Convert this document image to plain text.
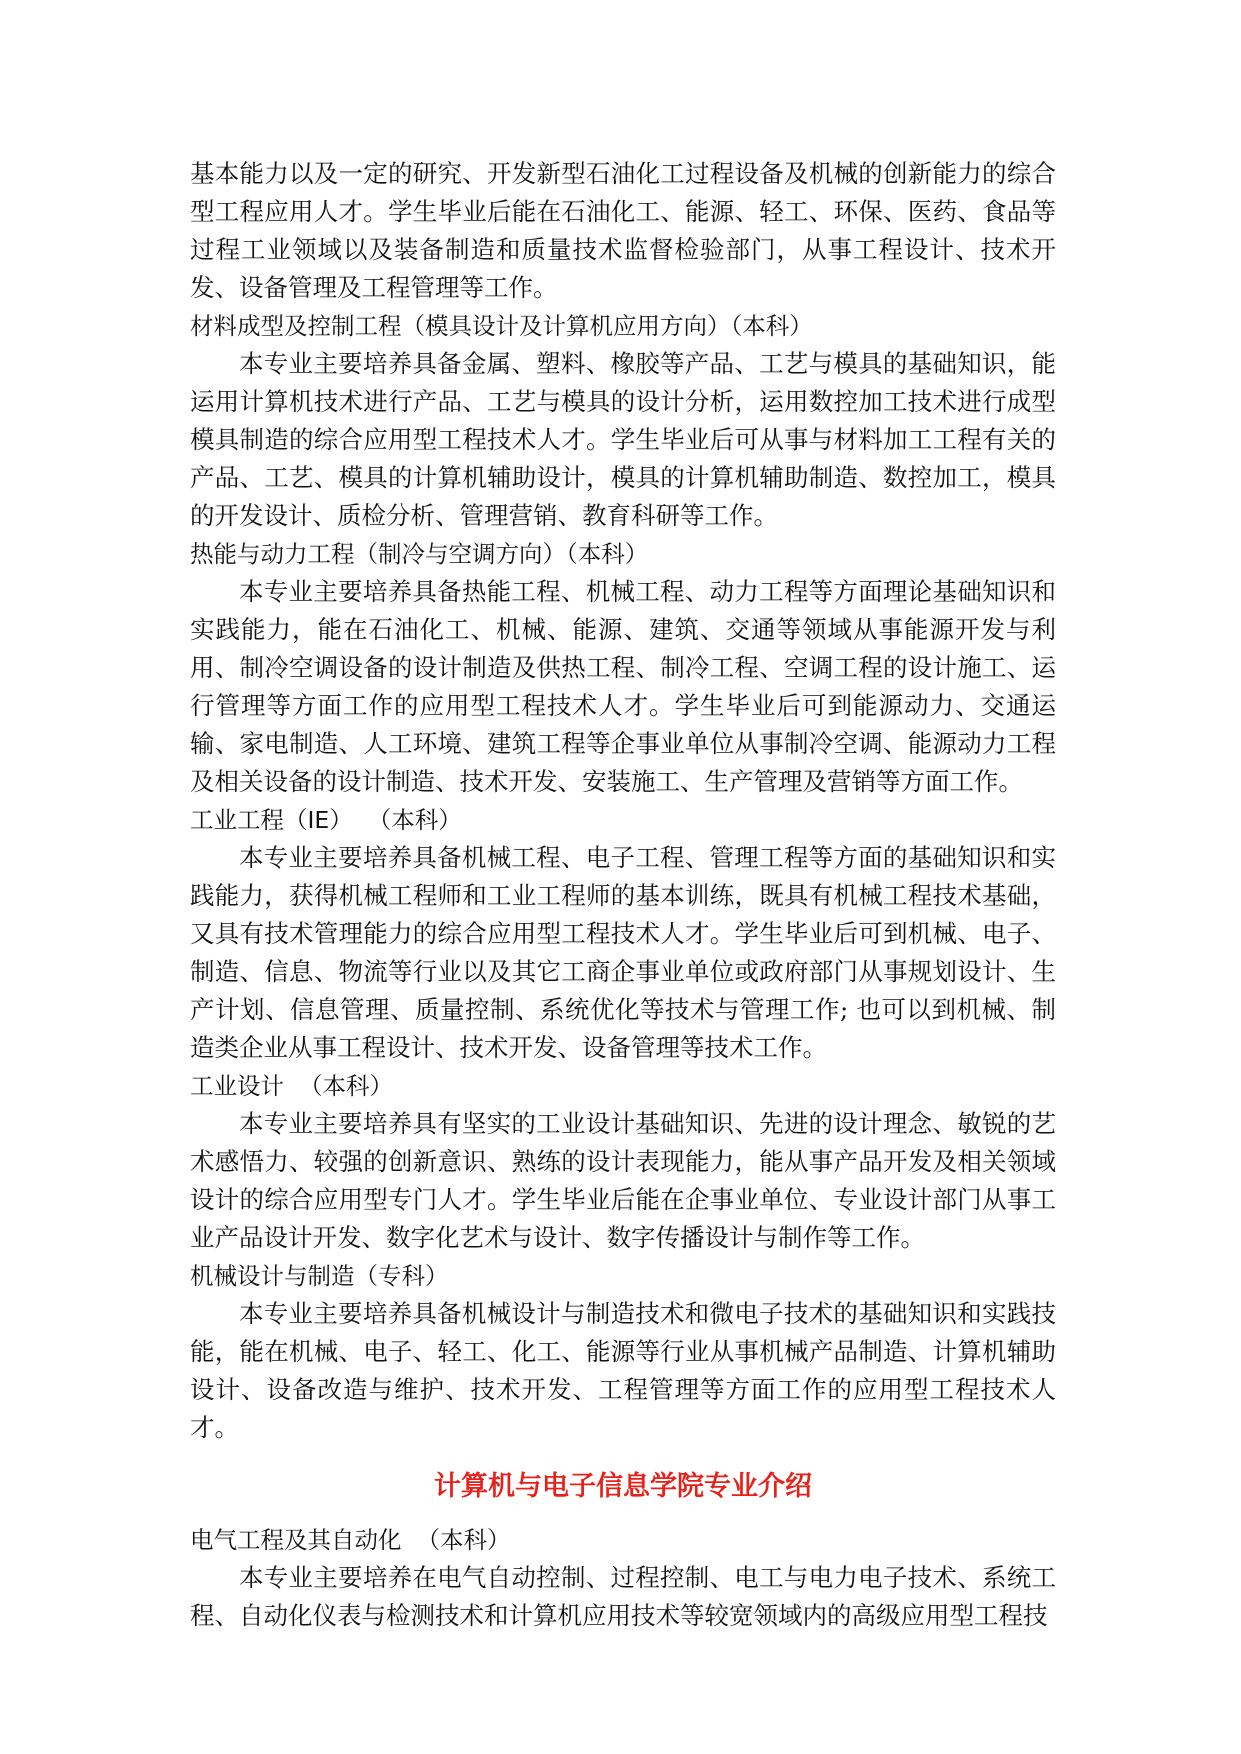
基本能力以及一定的研究、开发新型石油化工过程设备及机械的创新能力的综合型工程应用人才。学生毕业后能在石油化工、能源、轻工、环保、医药、食品等过程工业领域以及装备制造和质量技术监督检验部门，从事工程设计、技术开发、设备管理及工程管理等工作。

材料成型及控制工程（模具设计及计算机应用方向）（本科）

本专业主要培养具备金属、塑料、橡胶等产品、工艺与模具的基础知识，能运用计算机技术进行产品、工艺与模具的设计分析，运用数控加工技术进行成型模具制造的综合应用型工程技术人才。学生毕业后可从事与材料加工工程有关的产品、工艺、模具的计算机辅助设计，模具的计算机辅助制造、数控加工，模具的开发设计、质检分析、管理营销、教育科研等工作。

热能与动力工程（制冷与空调方向）（本科）

本专业主要培养具备热能工程、机械工程、动力工程等方面理论基础知识和实践能力，能在石油化工、机械、能源、建筑、交通等领域从事能源开发与利用、制冷空调设备的设计制造及供热工程、制冷工程、空调工程的设计施工、运行管理等方面工作的应用型工程技术人才。学生毕业后可到能源动力、交通运输、家电制造、人工环境、建筑工程等企事业单位从事制冷空调、能源动力工程及相关设备的设计制造、技术开发、安装施工、生产管理及营销等方面工作。

工业工程（IE）  （本科）

本专业主要培养具备机械工程、电子工程、管理工程等方面的基础知识和实践能力，获得机械工程师和工业工程师的基本训练，既具有机械工程技术基础，又具有技术管理能力的综合应用型工程技术人才。学生毕业后可到机械、电子、制造、信息、物流等行业以及其它工商企事业单位或政府部门从事规划设计、生产计划、信息管理、质量控制、系统优化等技术与管理工作; 也可以到机械、制造类企业从事工程设计、技术开发、设备管理等技术工作。

工业设计  （本科）

本专业主要培养具有坚实的工业设计基础知识、先进的设计理念、敏锐的艺术感悟力、较强的创新意识、熟练的设计表现能力，能从事产品开发及相关领域设计的综合应用型专门人才。学生毕业后能在企事业单位、专业设计部门从事工业产品设计开发、数字化艺术与设计、数字传播设计与制作等工作。

机械设计与制造（专科）

本专业主要培养具备机械设计与制造技术和微电子技术的基础知识和实践技能，能在机械、电子、轻工、化工、能源等行业从事机械产品制造、计算机辅助设计、设备改造与维护、技术开发、工程管理等方面工作的应用型工程技术人才。

计算机与电子信息学院专业介绍

电气工程及其自动化  （本科）

本专业主要培养在电气自动控制、过程控制、电工与电力电子技术、系统工程、自动化仪表与检测技术和计算机应用技术等较宽领域内的高级应用型工程技
